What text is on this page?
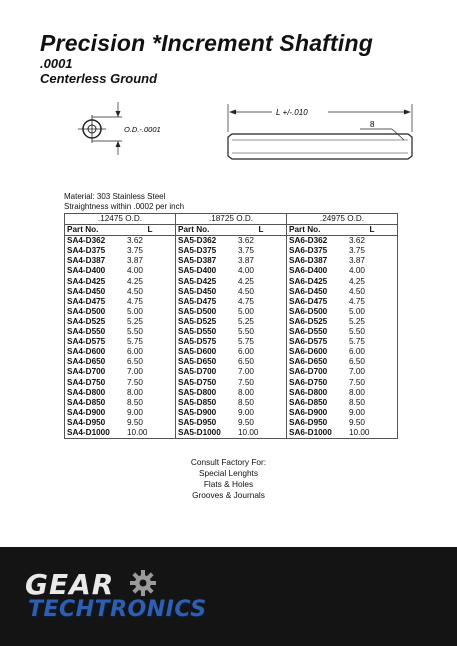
Precision *Increment Shafting
.0001
Centerless Ground
O.D.-.0001
L +/-.010
8
Material: 303 Stainless Steel
Straightness within .0002 per inch
.12475 O.D.		.18725 O.D.		.24975 O.D.	
Part No.	L	Part No.	L	Part No.	L
SA4-D362	3.62	SA5-D362	3.62	SA6-D362	3.62
SA4-D375	3.75	SA5-D375	3.75	SA6-D375	3.75
SA4-D387	3.87	SA5-D387	3.87	SA6-D387	3.87
SA4-D400	4.00	SA5-D400	4.00	SA6-D400	4.00
SA4-D425	4.25	SA5-D425	4.25	SA6-D425	4.25
SA4-D450	4.50	SA5-D450	4.50	SA6-D450	4.50
SA4-D475	4.75	SA5-D475	4.75	SA6-D475	4.75
SA4-D500	5.00	SA5-D500	5.00	SA6-D500	5.00
SA4-D525	5.25	SA5-D525	5.25	SA6-D525	5.25
SA4-D550	5.50	SA5-D550	5.50	SA6-D550	5.50
SA4-D575	5.75	SA5-D575	5.75	SA6-D575	5.75
SA4-D600	6.00	SA5-D600	6.00	SA6-D600	6.00
SA4-D650	6.50	SA5-D650	6.50	SA6-D650	6.50
SA4-D700	7.00	SA5-D700	7.00	SA6-D700	7.00
SA4-D750	7.50	SA5-D750	7.50	SA6-D750	7.50
SA4-D800	8.00	SA5-D800	8.00	SA6-D800	8.00
SA4-D850	8.50	SA5-D850	8.50	SA6-D850	8.50
SA4-D900	9.00	SA5-D900	9.00	SA6-D900	9.00
SA4-D950	9.50	SA5-D950	9.50	SA6-D950	9.50
SA4-D1000	10.00	SA5-D1000	10.00	SA6-D1000	10.00
Consult Factory For:
Special Lenghts
Flats & Holes
Grooves & Journals
GEAR
TECHTRONICS
